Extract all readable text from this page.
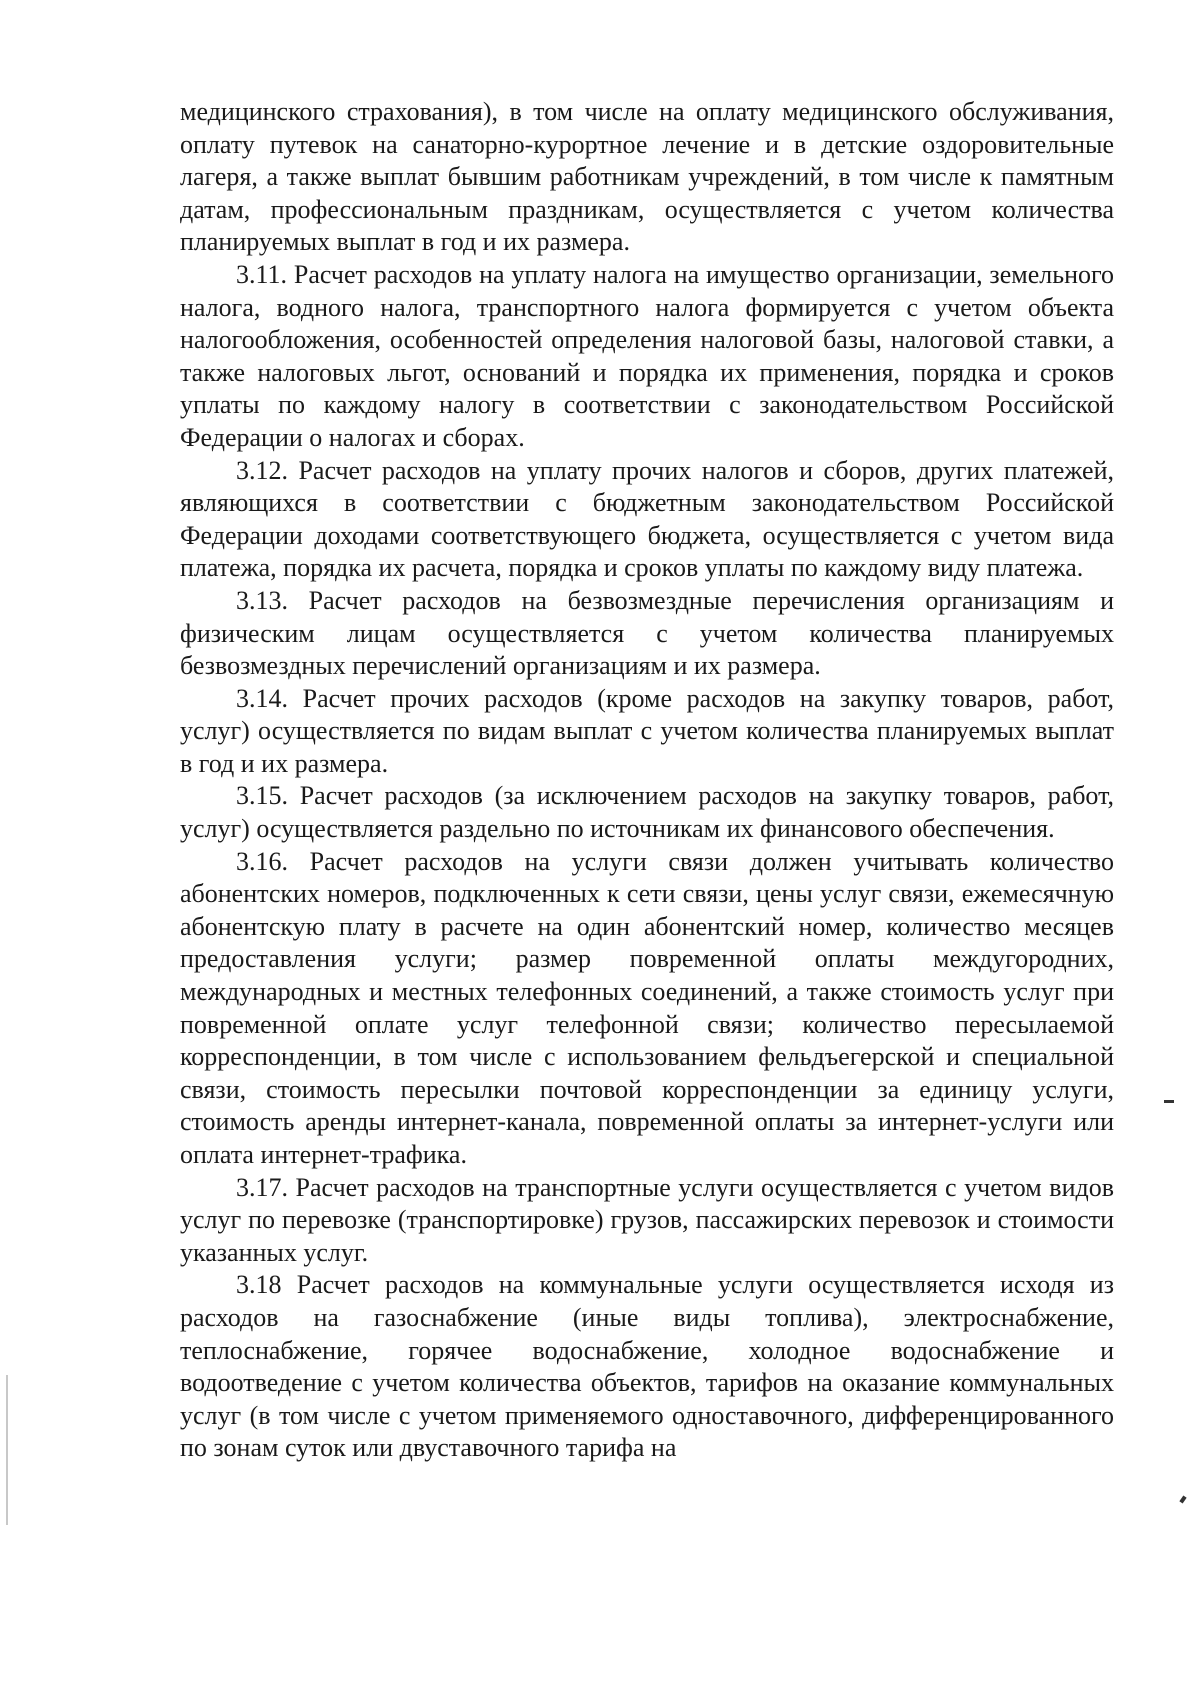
медицинского страхования), в том числе на оплату медицинского обслуживания, оплату путевок на санаторно-курортное лечение и в детские оздоровительные лагеря, а также выплат бывшим работникам учреждений, в том числе к памятным датам, профессиональным праздникам, осуществляется с учетом количества планируемых выплат в год и их размера.

3.11. Расчет расходов на уплату налога на имущество организации, земельного налога, водного налога, транспортного налога формируется с учетом объекта налогообложения, особенностей определения налоговой базы, налоговой ставки, а также налоговых льгот, оснований и порядка их применения, порядка и сроков уплаты по каждому налогу в соответствии с законодательством Российской Федерации о налогах и сборах.

3.12. Расчет расходов на уплату прочих налогов и сборов, других платежей, являющихся в соответствии с бюджетным законодательством Российской Федерации доходами соответствующего бюджета, осуществляется с учетом вида платежа, порядка их расчета, порядка и сроков уплаты по каждому виду платежа.

3.13. Расчет расходов на безвозмездные перечисления организациям и физическим лицам осуществляется с учетом количества планируемых безвозмездных перечислений организациям и их размера.

3.14. Расчет прочих расходов (кроме расходов на закупку товаров, работ, услуг) осуществляется по видам выплат с учетом количества планируемых выплат в год и их размера.

3.15. Расчет расходов (за исключением расходов на закупку товаров, работ, услуг) осуществляется раздельно по источникам их финансового обеспечения.

3.16. Расчет расходов на услуги связи должен учитывать количество абонентских номеров, подключенных к сети связи, цены услуг связи, ежемесячную абонентскую плату в расчете на один абонентский номер, количество месяцев предоставления услуги; размер повременной оплаты междугородних, международных и местных телефонных соединений, а также стоимость услуг при повременной оплате услуг телефонной связи; количество пересылаемой корреспонденции, в том числе с использованием фельдъегерской и специальной связи, стоимость пересылки почтовой корреспонденции за единицу услуги, стоимость аренды интернет-канала, повременной оплаты за интернет-услуги или оплата интернет-трафика.

3.17. Расчет расходов на транспортные услуги осуществляется с учетом видов услуг по перевозке (транспортировке) грузов, пассажирских перевозок и стоимости указанных услуг.

3.18 Расчет расходов на коммунальные услуги осуществляется исходя из расходов на газоснабжение (иные виды топлива), электроснабжение, теплоснабжение, горячее водоснабжение, холодное водоснабжение и водоотведение с учетом количества объектов, тарифов на оказание коммунальных услуг (в том числе с учетом применяемого одноставочного, дифференцированного по зонам суток или двуставочного тарифа на
